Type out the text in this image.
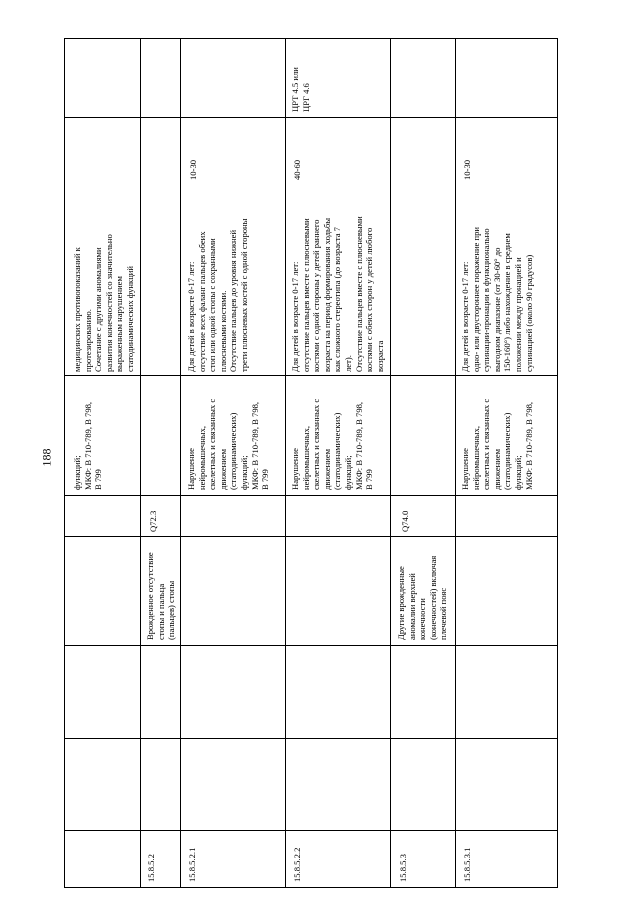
188 функций;
МКФ: В 710-789, В 798,
В 799
медицинских противопоказаний к
протезированию.
Сочетание с другими аномалиями
развития конечностей со значительно
выраженным нарушением
статодинамических функций
15.8.5.2
Врожденное отсутствие
стопы и пальца
(пальцев) стопы
Q72.3
15.8.5.2.1
Нарушение
нейромышечных,
скелетных и связанных с
движением
(статодинамических)
функций;
МКФ: В 710-789, В 798,
В 799
Для детей в возрасте 0-17 лет:
отсутствие всех фаланг пальцев обеих
стоп или одной стопы с сохранными
плюсневыми костями.
Отсутствие пальцев до уровня нижней
трети плюсневых костей с одной стороны
10-30
15.8.5.2.2
Нарушение
нейромышечных,
скелетных и связанных с
движением
(статодинамических)
функций;
МКФ: В 710-789, В 798,
В 799
Для детей в возрасте 0-17 лет:
отсутствие пальцев вместе с плюсневыми
костями с одной стороны у детей раннего
возраста на период формирования ходьбы
как сложного стереотипа (до возраста 7
лет).
Отсутствие пальцев вместе с плюсневыми
костями с обеих сторон у детей любого
возраста
40-60
ЦРТ 4.5 или
ЦРГ 4.6
15.8.5.3
Другие врожденные
аномалии верхней
конечности
(конечностей) включая
плечевой пояс
Q74.0
15.8.5.3.1
Нарушение
нейромышечных,
скелетных и связанных с
движением
(статодинамических)
функций;
МКФ: В 710-789, В 798,
Для детей в возрасте 0-17 лет:
одно- или двустороннее поражение при
супинации-пронации в функционально
выгодном диапазоне (от 30-60° до
150-160°) либо нахождение в среднем
положении между пронацией и
супинацией (около 90 градусов)
10-30
